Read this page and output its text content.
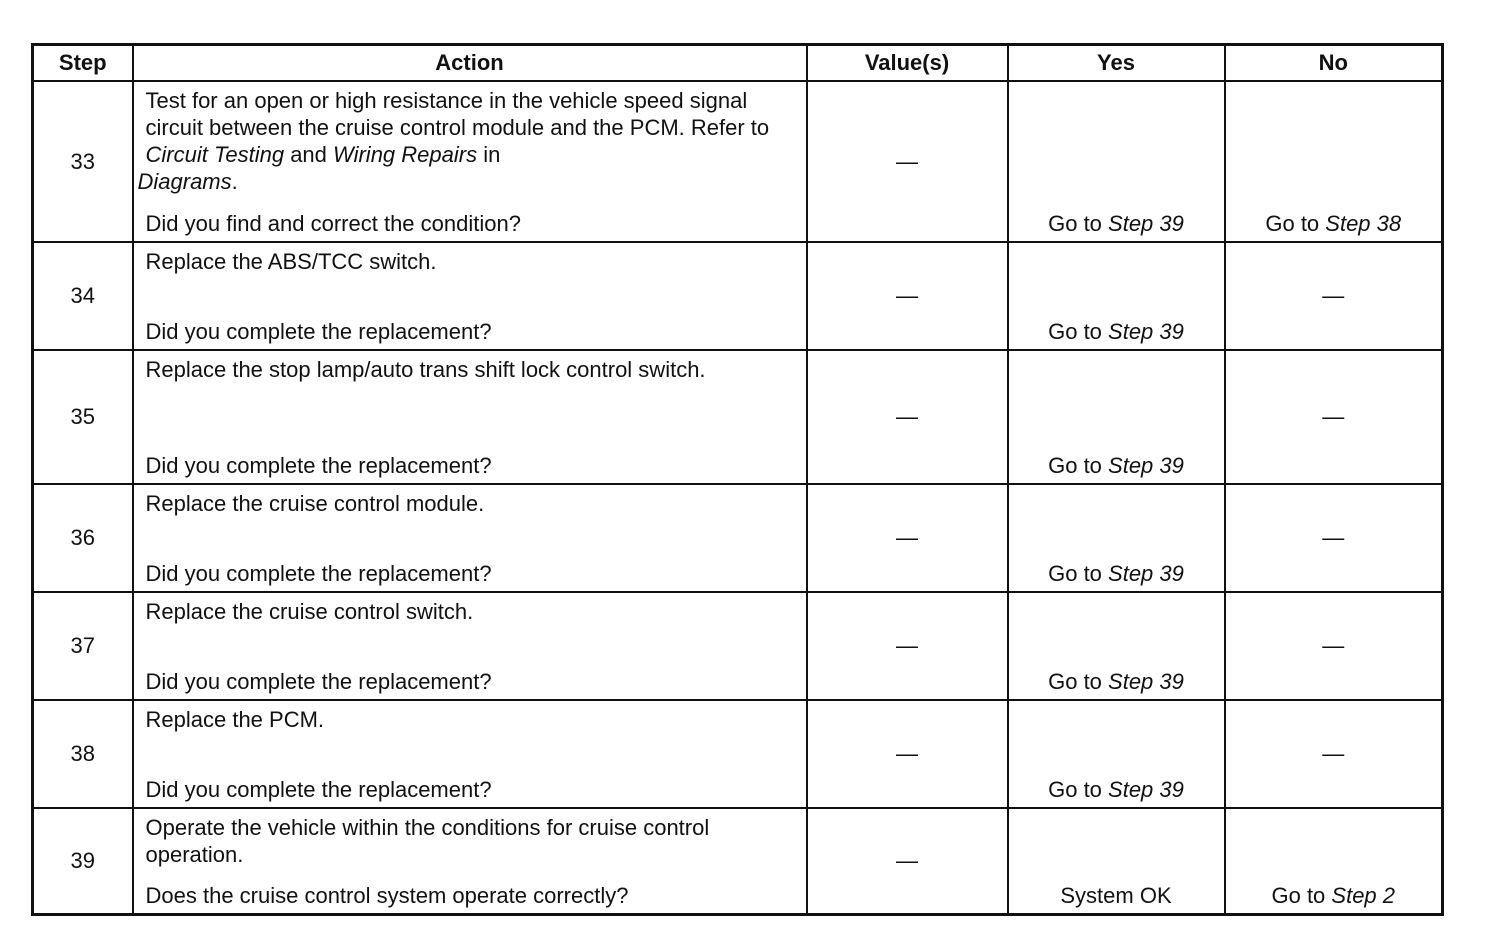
Step	Action	Value(s)	Yes	No
33	Test for an open or high resistance in the vehicle speed signal circuit between the cruise control module and the PCM. Refer to Circuit Testing and Wiring Repairs in
Diagrams.
Did you find and correct the condition?	—	Go to Step 39	Go to Step 38
34	Replace the ABS/TCC switch.
Did you complete the replacement?	—	Go to Step 39	—
35	Replace the stop lamp/auto trans shift lock control switch.
Did you complete the replacement?	—	Go to Step 39	—
36	Replace the cruise control module.
Did you complete the replacement?	—	Go to Step 39	—
37	Replace the cruise control switch.
Did you complete the replacement?	—	Go to Step 39	—
38	Replace the PCM.
Did you complete the replacement?	—	Go to Step 39	—
39	Operate the vehicle within the conditions for cruise control operation.
Does the cruise control system operate correctly?	—	System OK	Go to Step 2
